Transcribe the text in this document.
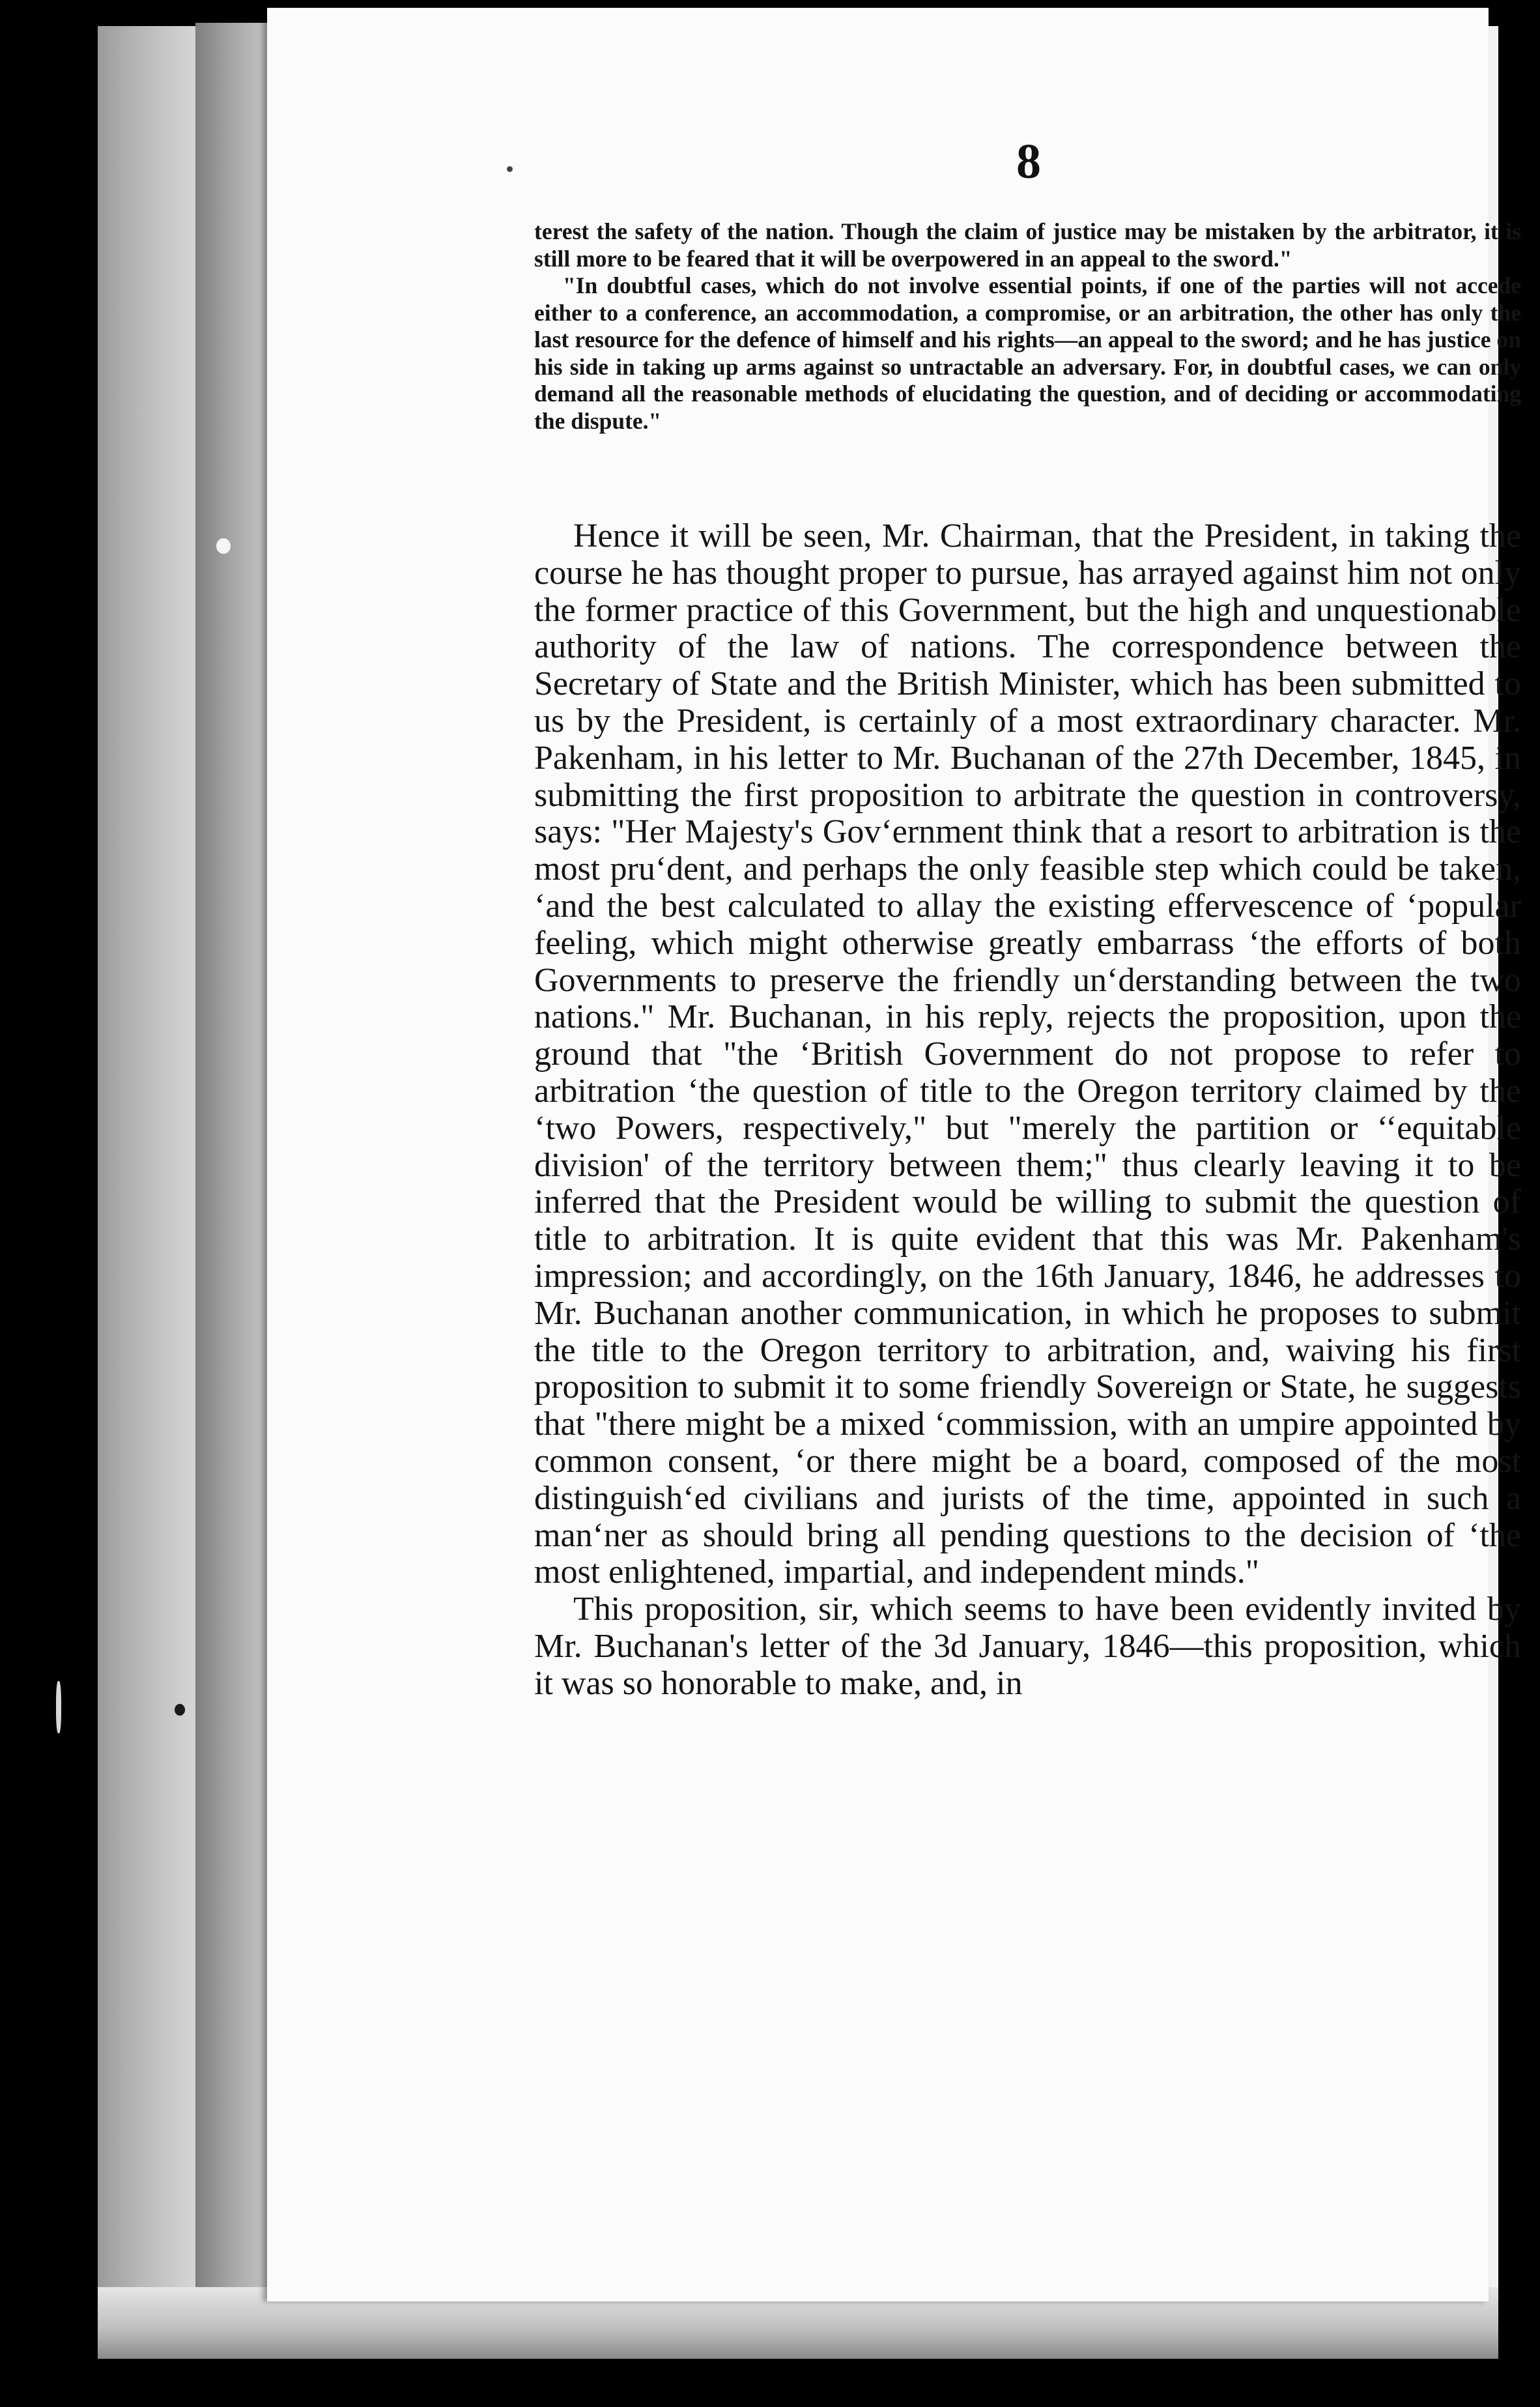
8

terest the safety of the nation. Though the claim of justice may be mistaken by the arbitrator, it is still more to be feared that it will be overpowered in an appeal to the sword."

"In doubtful cases, which do not involve essential points, if one of the parties will not accede either to a conference, an accommodation, a compromise, or an arbitration, the other has only the last resource for the defence of himself and his rights—an appeal to the sword; and he has justice on his side in taking up arms against so untractable an adversary. For, in doubtful cases, we can only demand all the reasonable methods of elucidating the question, and of deciding or accommodating the dispute."

Hence it will be seen, Mr. Chairman, that the President, in taking the course he has thought proper to pursue, has arrayed against him not only the former practice of this Government, but the high and unquestionable authority of the law of nations. The correspondence between the Secretary of State and the British Minister, which has been submitted to us by the President, is certainly of a most extraordinary character. Mr. Pakenham, in his letter to Mr. Buchanan of the 27th December, 1845, in submitting the first proposition to arbitrate the question in controversy, says: "Her Majesty's Gov‘ernment think that a resort to arbitration is the most pru‘dent, and perhaps the only feasible step which could be taken, ‘and the best calculated to allay the existing effervescence of ‘popular feeling, which might otherwise greatly embarrass ‘the efforts of both Governments to preserve the friendly un‘derstanding between the two nations." Mr. Buchanan, in his reply, rejects the proposition, upon the ground that "the ‘British Government do not propose to refer to arbitration ‘the question of title to the Oregon territory claimed by the ‘two Powers, respectively," but "merely the partition or ‘‘equitable division' of the territory between them;" thus clearly leaving it to be inferred that the President would be willing to submit the question of title to arbitration. It is quite evident that this was Mr. Pakenham's impression; and accordingly, on the 16th January, 1846, he addresses to Mr. Buchanan another communication, in which he proposes to submit the title to the Oregon territory to arbitration, and, waiving his first proposition to submit it to some friendly Sovereign or State, he suggests that "there might be a mixed ‘commission, with an umpire appointed by common consent, ‘or there might be a board, composed of the most distinguish‘ed civilians and jurists of the time, appointed in such a man‘ner as should bring all pending questions to the decision of ‘the most enlightened, impartial, and independent minds."

This proposition, sir, which seems to have been evidently invited by Mr. Buchanan's letter of the 3d January, 1846—this proposition, which it was so honorable to make, and, in
